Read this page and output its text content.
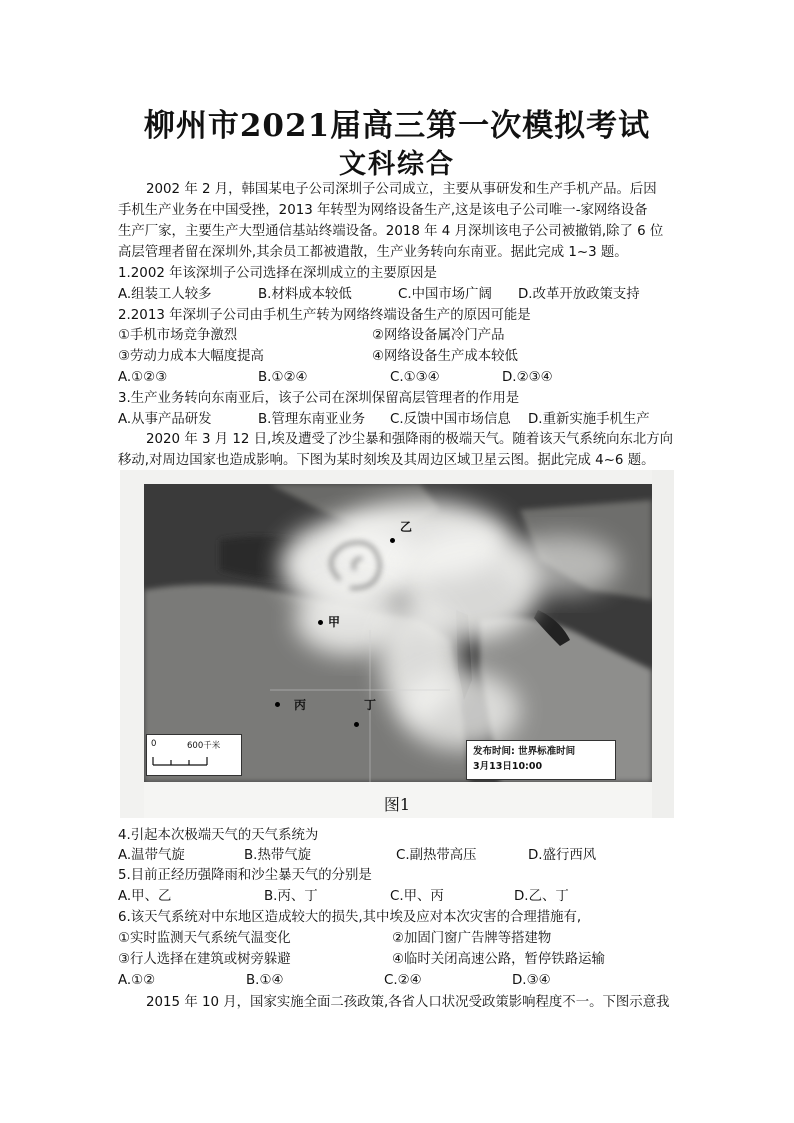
柳州市2021届高三第一次模拟考试
文科综合
2002 年 2 月，韩国某电子公司深圳子公司成立，主要从事研发和生产手机产品。后因
手机生产业务在中国受挫，2013 年转型为网络设备生产,这是该电子公司唯一-家网络设备
生产厂家，主要生产大型通信基站终端设备。2018 年 4 月深圳该电子公司被撤销,除了 6 位
高层管理者留在深圳外,其余员工都被遣散，生产业务转向东南亚。据此完成 1~3 题。
1.2002 年该深圳子公司选择在深圳成立的主要原因是
A.组装工人较多	B.材料成本较低	C.中国市场广阔 D.改革开放政策支持
2.2013 年深圳子公司由手机生产转为网络终端设备生产的原因可能是
①手机市场竞争激烈	②网络设备属冷门产品
③劳动力成本大幅度提高	④网络设备生产成本较低
A.①②③	B.①②④	C.①③④	D.②③④
3.生产业务转向东南亚后，该子公司在深圳保留高层管理者的作用是
A.从事产品研发	B.管理东南亚业务 C.反馈中国市场信息 D.重新实施手机生产
2020 年 3 月 12 日,埃及遭受了沙尘暴和强降雨的极端天气。随着该天气系统向东北方向
移动,对周边国家也造成影响。下图为某时刻埃及其周边区域卫星云图。据此完成 4~6 题。
乙
甲
丙	丁
0	600千米	发布时间: 世界标准时间
3月13日10:00
图1
4.引起本次极端天气的天气系统为
A.温带气旋	B.热带气旋	C.副热带高压	D.盛行西风
5.目前正经历强降雨和沙尘暴天气的分别是
A.甲、乙	B.丙、丁	C.甲、丙	D.乙、丁
6.该天气系统对中东地区造成较大的损失,其中埃及应对本次灾害的合理措施有,
①实时监测天气系统气温变化	②加固门窗广告牌等搭建物
③行人选择在建筑或树旁躲避	④临时关闭高速公路，暂停铁路运输
A.①②	B.①④	C.②④	D.③④
2015 年 10 月，国家实施全面二孩政策,各省人口状况受政策影响程度不一。下图示意我
